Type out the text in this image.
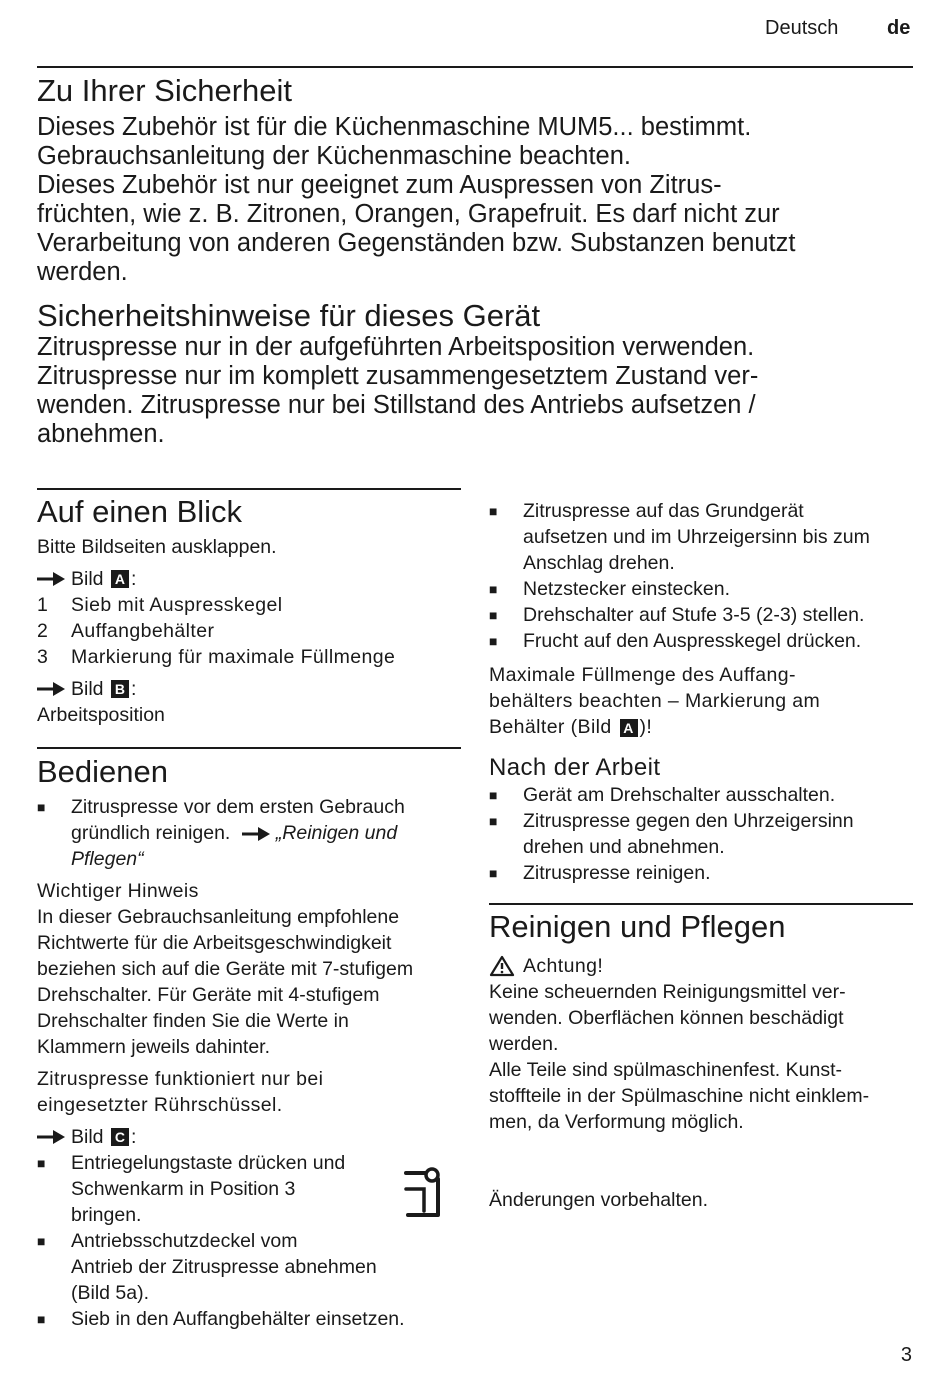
Deutsch de
Zu Ihrer Sicherheit

Dieses Zubehör ist für die Küchenmaschine MUM5... bestimmt.

Gebrauchsanleitung der Küchenmaschine beachten.

Dieses Zubehör ist nur geeignet zum Auspressen von Zitrus-

früchten, wie z. B. Zitronen, Orangen, Grapefruit. Es darf nicht zur

Verarbeitung von anderen Gegenständen bzw. Substanzen benutzt

werden.

Sicherheitshinweise für dieses Gerät

Zitruspresse nur in der aufgeführten Arbeitsposition verwenden.

Zitruspresse nur im komplett zusammengesetztem Zustand ver-

wenden. Zitruspresse nur bei Stillstand des Antriebs aufsetzen /

abnehmen.

Auf einen Blick

Bitte Bildseiten ausklappen.

Bild
A :
1 Sieb mit Auspresskegel
2 Auffangbehälter
3 Markierung für maximale Füllmenge
Bild
B :

Arbeitsposition

Bedienen
■	Zitruspresse vor dem ersten Gebrauch
gründlich reinigen. „Reinigen und
Pflegen“

Wichtiger Hinweis

In dieser Gebrauchsanleitung empfohlene

Richtwerte für die Arbeitsgeschwindigkeit

beziehen sich auf die Geräte mit 7-stufigem

Drehschalter. Für Geräte mit 4-stufigem

Drehschalter finden Sie die Werte in

Klammern jeweils dahinter.

Zitruspresse funktioniert nur bei

eingesetzter Rührschüssel.

Bild
C :
■	Entriegelungstaste drücken und
Schwenkarm in Position 3
bringen.
■	Antriebsschutzdeckel vom
Antrieb der Zitruspresse abnehmen
(Bild 5a).
■	Sieb in den Auffangbehälter einsetzen.
■	Zitruspresse auf das Grundgerät
aufsetzen und im Uhrzeigersinn bis zum
Anschlag drehen.
■	Netzstecker einstecken.
■	Drehschalter auf Stufe 3-5 (2-3) stellen.
■	Frucht auf den Auspresskegel drücken.

Maximale Füllmenge des Auffang-

behälters beachten – Markierung am

Behälter (Bild A )!

Nach der Arbeit
■	Gerät am Drehschalter ausschalten.
■	Zitruspresse gegen den Uhrzeigersinn
drehen und abnehmen.
■	Zitruspresse reinigen.
Reinigen und Pflegen
Achtung!

Keine scheuernden Reinigungsmittel ver-

wenden. Oberflächen können beschädigt

werden.

Alle Teile sind spülmaschinenfest. Kunst-

stoffteile in der Spülmaschine nicht einklem-

men, da Verformung möglich.

Änderungen vorbehalten.

3
